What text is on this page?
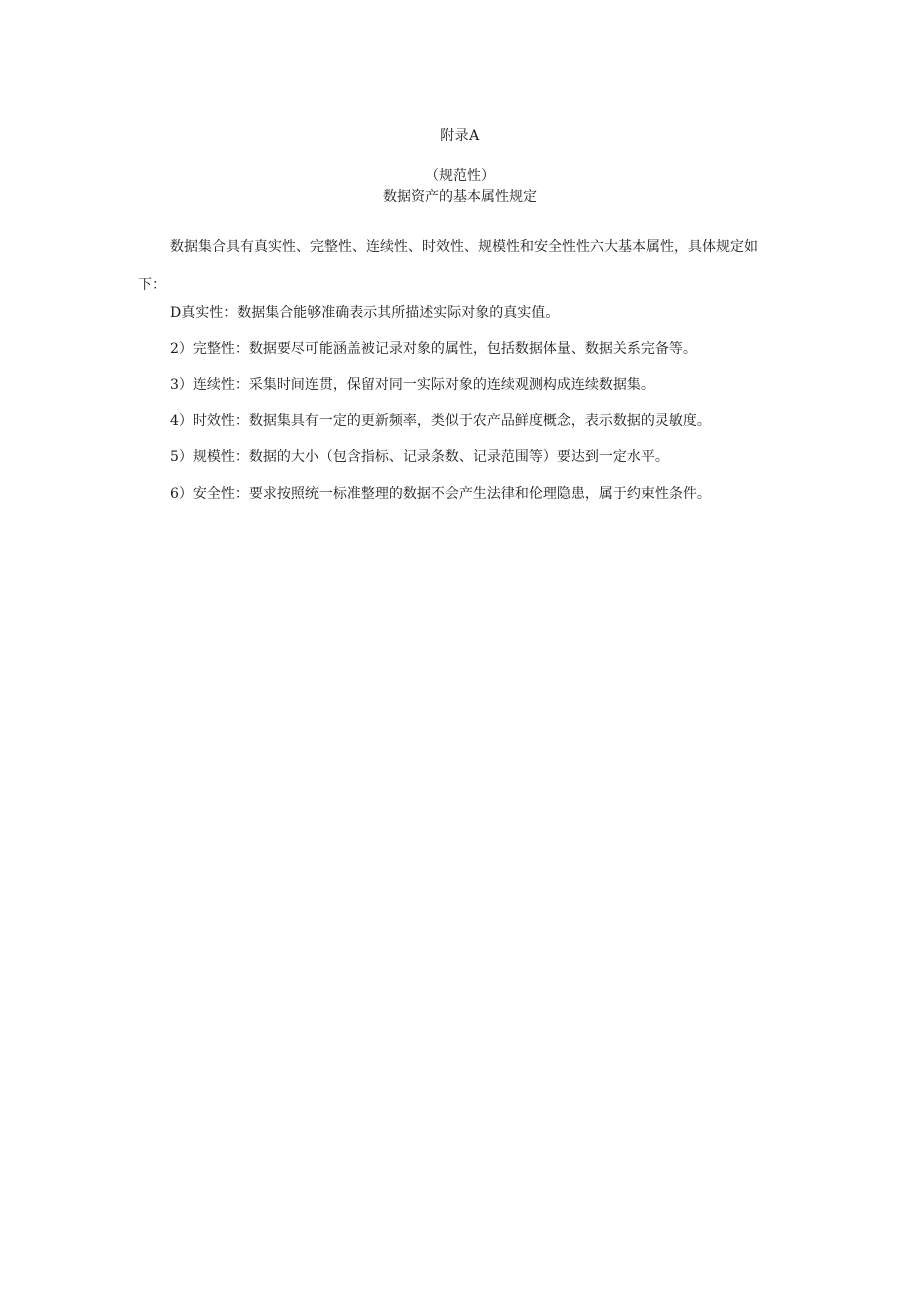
附录A
（规范性）
数据资产的基本属性规定

数据集合具有真实性、完整性、连续性、时效性、规模性和安全性性六大基本属性，具体规定如下：

D真实性：数据集合能够准确表示其所描述实际对象的真实值。

2）完整性：数据要尽可能涵盖被记录对象的属性，包括数据体量、数据关系完备等。

3）连续性：采集时间连贯，保留对同一实际对象的连续观测构成连续数据集。

4）时效性：数据集具有一定的更新频率，类似于农产品鲜度概念，表示数据的灵敏度。

5）规模性：数据的大小（包含指标、记录条数、记录范围等）要达到一定水平。

6）安全性：要求按照统一标准整理的数据不会产生法律和伦理隐患，属于约束性条件。
